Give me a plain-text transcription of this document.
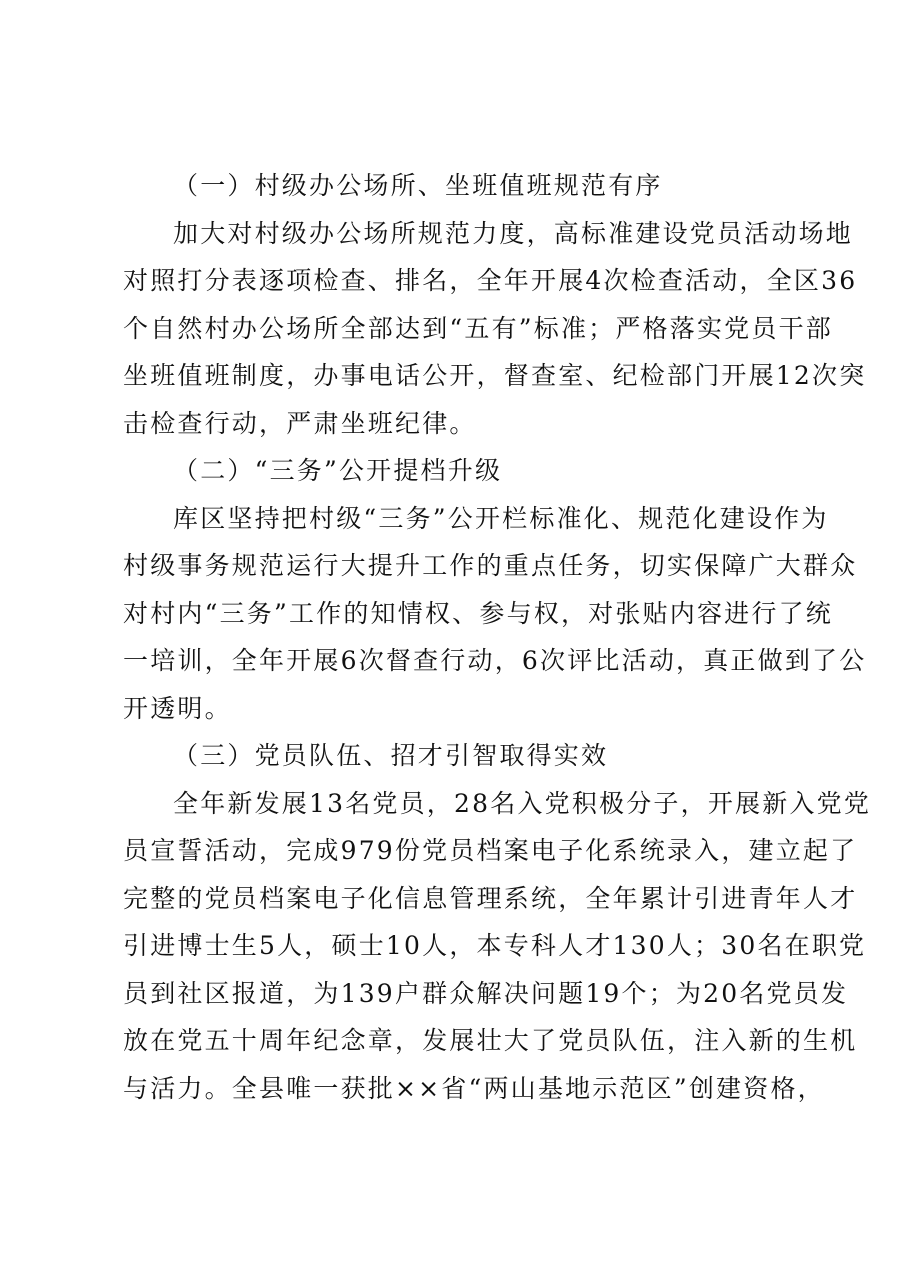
（一）村级办公场所、坐班值班规范有序
加大对村级办公场所规范力度，高标准建设党员活动场地
对照打分表逐项检查、排名，全年开展4次检查活动，全区36
个自然村办公场所全部达到“五有”标准；严格落实党员干部
坐班值班制度，办事电话公开，督查室、纪检部门开展12次突
击检查行动，严肃坐班纪律。
（二）“三务”公开提档升级
库区坚持把村级“三务”公开栏标准化、规范化建设作为
村级事务规范运行大提升工作的重点任务，切实保障广大群众
对村内“三务”工作的知情权、参与权，对张贴内容进行了统
一培训，全年开展6次督查行动，6次评比活动，真正做到了公
开透明。
（三）党员队伍、招才引智取得实效
全年新发展13名党员，28名入党积极分子，开展新入党党
员宣誓活动，完成979份党员档案电子化系统录入，建立起了
完整的党员档案电子化信息管理系统，全年累计引进青年人才
引进博士生5人，硕士10人，本专科人才130人；30名在职党
员到社区报道，为139户群众解决问题19个；为20名党员发
放在党五十周年纪念章，发展壮大了党员队伍，注入新的生机
与活力。全县唯一获批××省“两山基地示范区”创建资格，
